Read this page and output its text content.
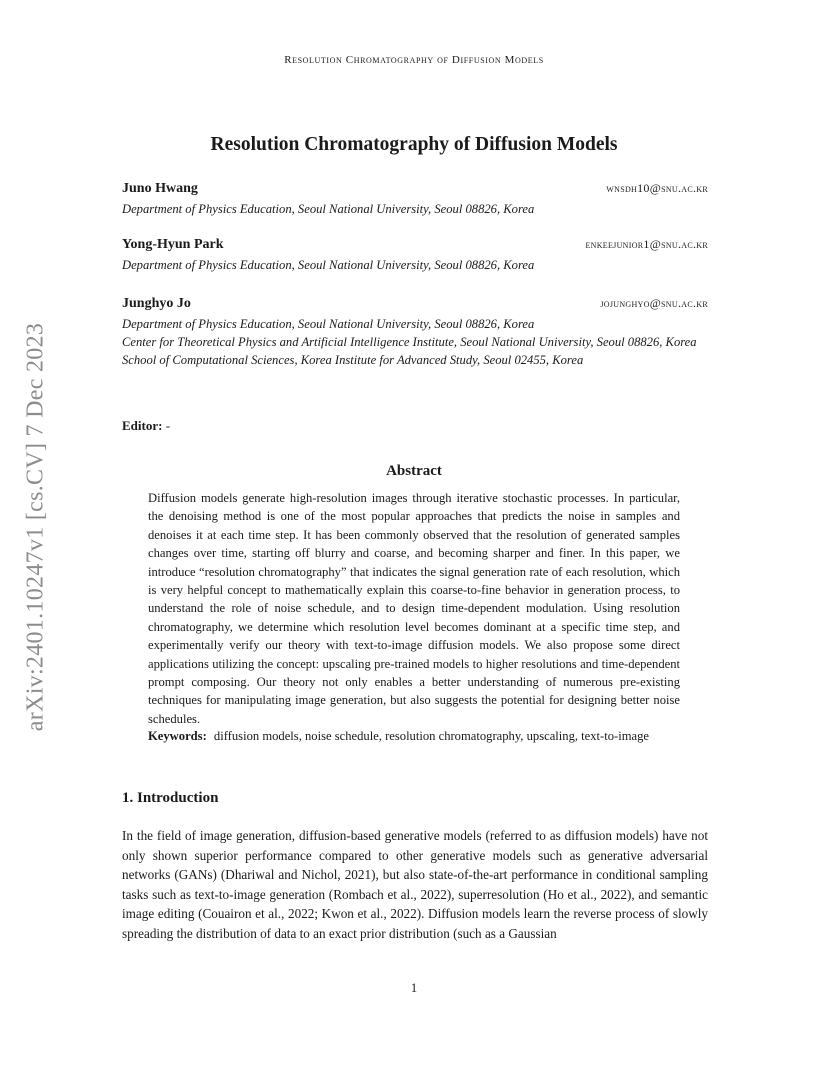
Resolution Chromatography of Diffusion Models
arXiv:2401.10247v1 [cs.CV] 7 Dec 2023
Resolution Chromatography of Diffusion Models
Juno Hwang	wnsdh10@snu.ac.kr

Department of Physics Education, Seoul National University, Seoul 08826, Korea

Yong-Hyun Park	enkeejunior1@snu.ac.kr

Department of Physics Education, Seoul National University, Seoul 08826, Korea

Junghyo Jo	jojunghyo@snu.ac.kr

Department of Physics Education, Seoul National University, Seoul 08826, Korea

Center for Theoretical Physics and Artificial Intelligence Institute, Seoul National University, Seoul 08826, Korea

School of Computational Sciences, Korea Institute for Advanced Study, Seoul 02455, Korea

Editor: -
Abstract

Diffusion models generate high-resolution images through iterative stochastic processes. In particular, the denoising method is one of the most popular approaches that predicts the noise in samples and denoises it at each time step. It has been commonly observed that the resolution of generated samples changes over time, starting off blurry and coarse, and becoming sharper and finer. In this paper, we introduce “resolution chromatography” that indicates the signal generation rate of each resolution, which is very helpful concept to mathematically explain this coarse-to-fine behavior in generation process, to understand the role of noise schedule, and to design time-dependent modulation. Using resolution chromatography, we determine which resolution level becomes dominant at a specific time step, and experimentally verify our theory with text-to-image diffusion models. We also propose some direct applications utilizing the concept: upscaling pre-trained models to higher resolutions and time-dependent prompt composing. Our theory not only enables a better understanding of numerous pre-existing techniques for manipulating image generation, but also suggests the potential for designing better noise schedules.

Keywords: diffusion models, noise schedule, resolution chromatography, upscaling, text-to-image

1. Introduction

In the field of image generation, diffusion-based generative models (referred to as diffusion models) have not only shown superior performance compared to other generative models such as generative adversarial networks (GANs) (Dhariwal and Nichol, 2021), but also state-of-the-art performance in conditional sampling tasks such as text-to-image generation (Rombach et al., 2022), superresolution (Ho et al., 2022), and semantic image editing (Couairon et al., 2022; Kwon et al., 2022). Diffusion models learn the reverse process of slowly spreading the distribution of data to an exact prior distribution (such as a Gaussian

1
